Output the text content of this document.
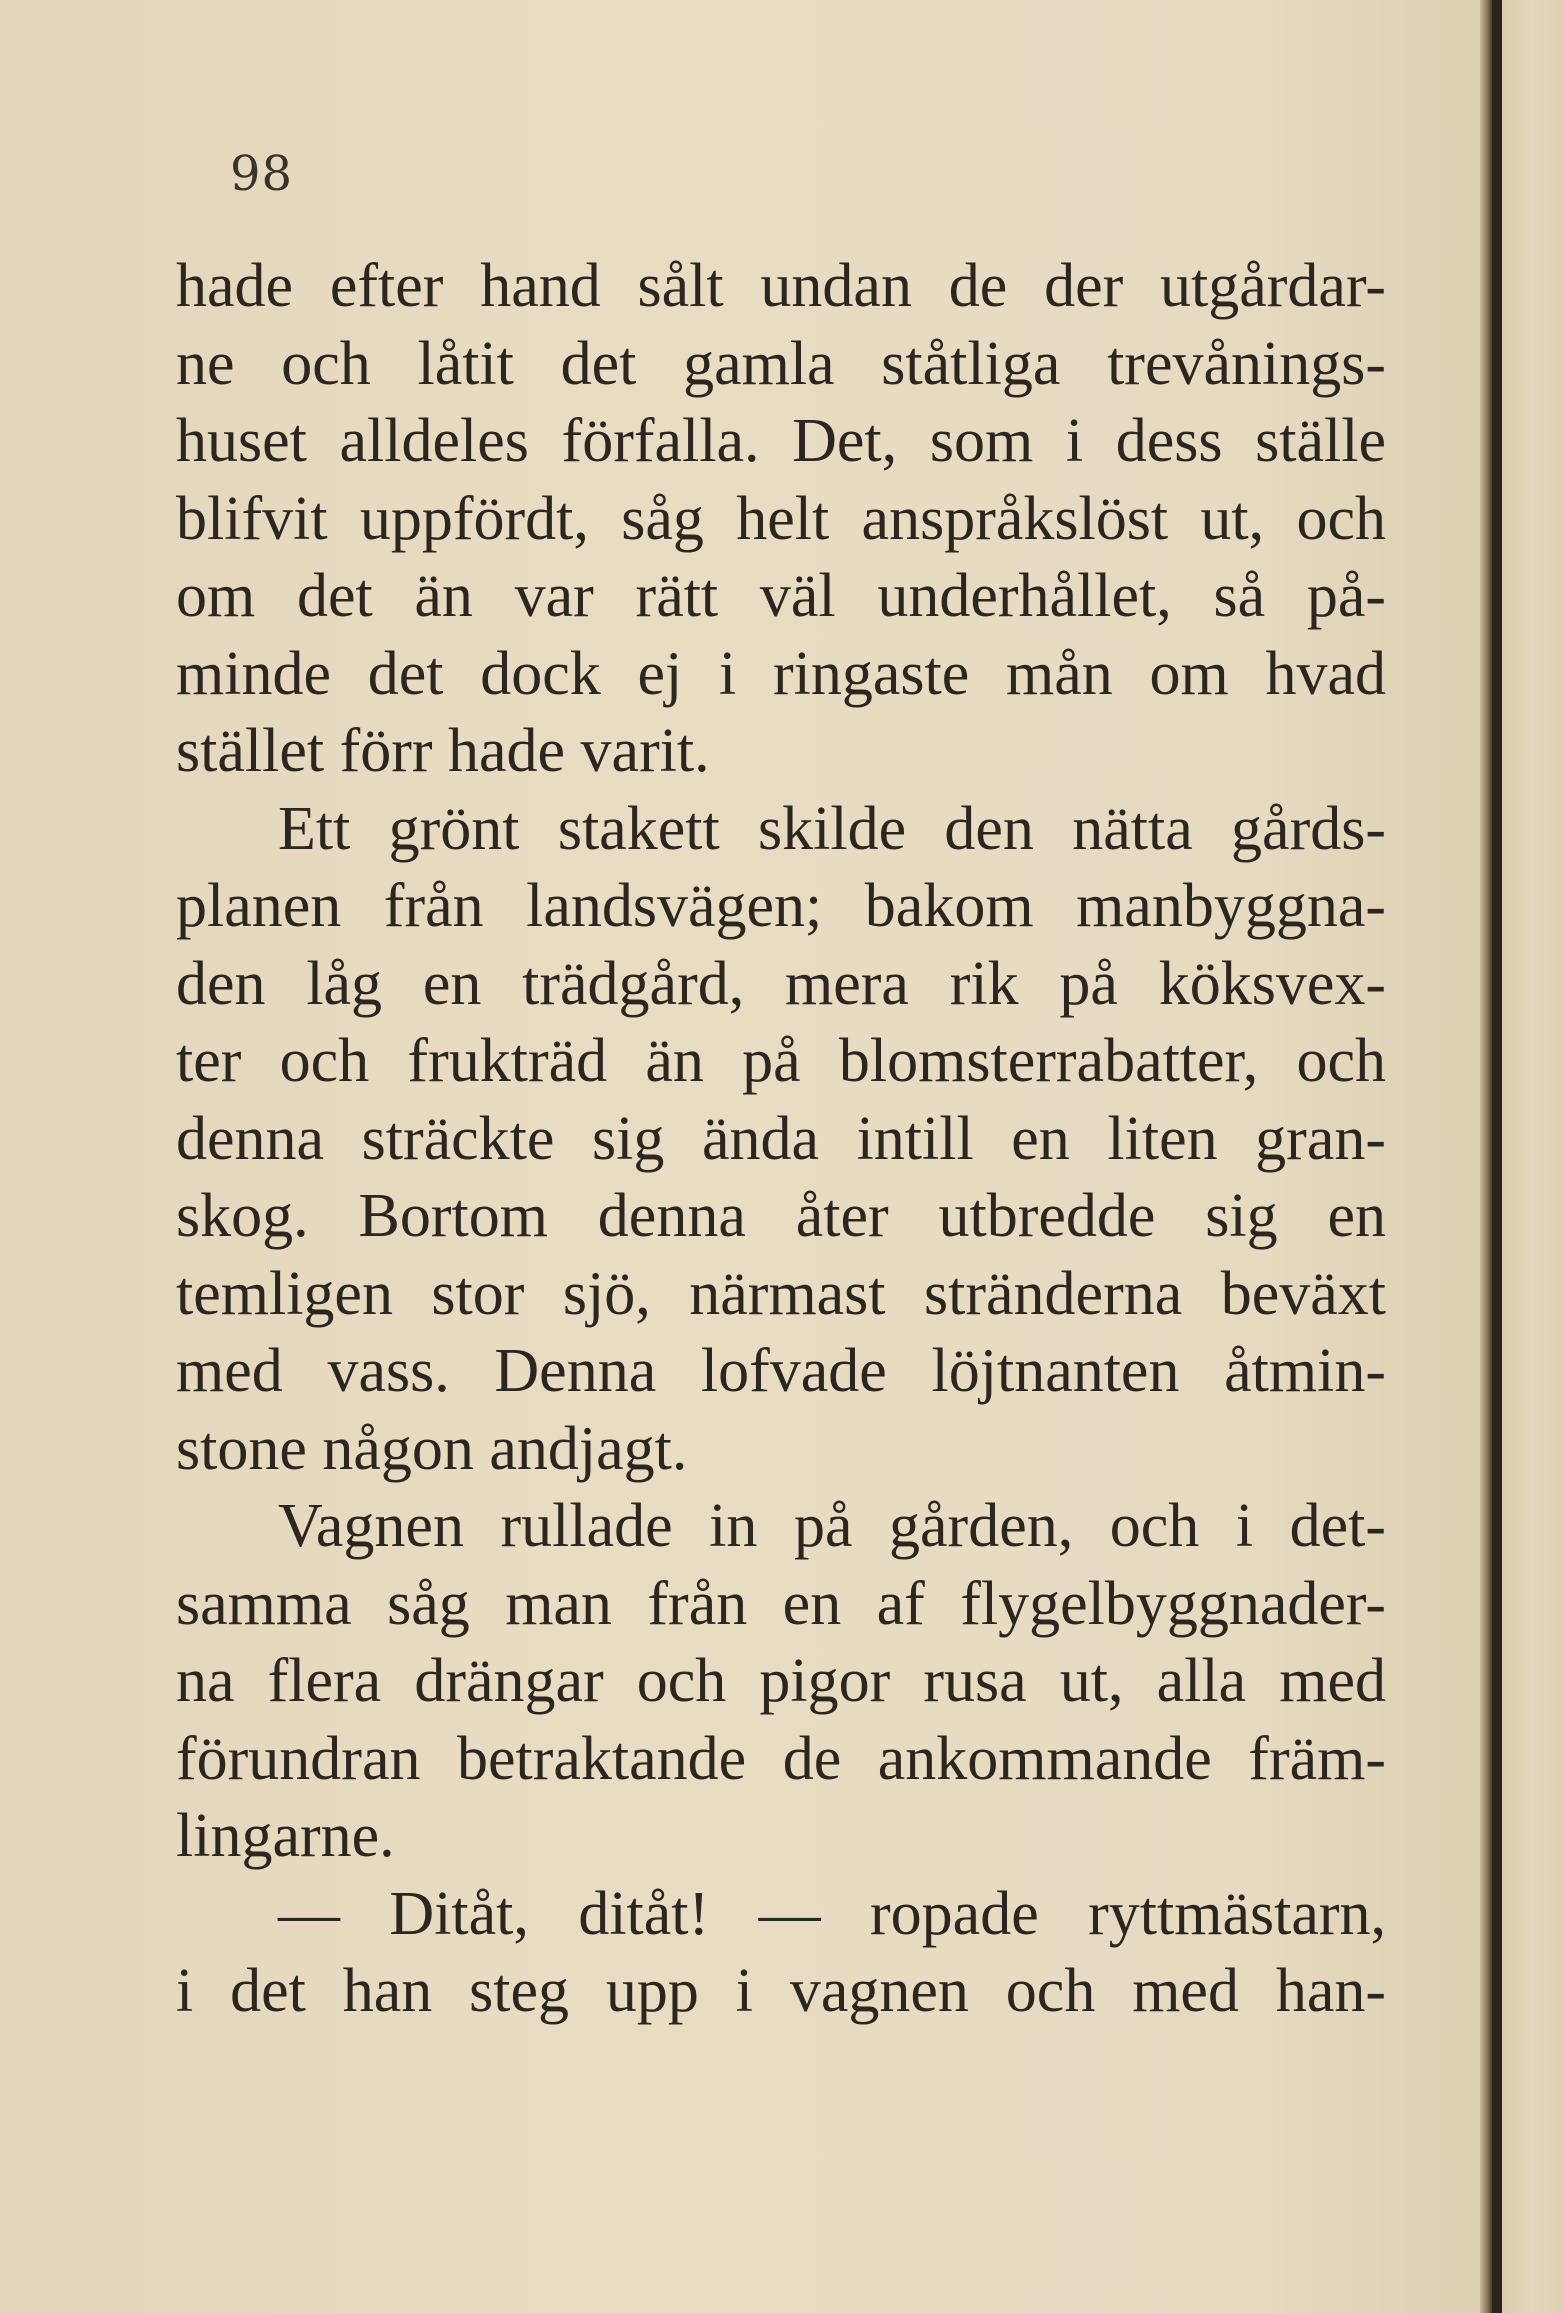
98
hade efter hand sålt undan de der utgårdar-
ne och låtit det gamla ståtliga trevånings-
huset alldeles förfalla. Det, som i dess ställe
blifvit uppfördt, såg helt anspråkslöst ut, och
om det än var rätt väl underhållet, så på-
minde det dock ej i ringaste mån om hvad
stället förr hade varit.
Ett grönt stakett skilde den nätta gårds-
planen från landsvägen; bakom manbyggna-
den låg en trädgård, mera rik på köksvex-
ter och frukträd än på blomsterrabatter, och
denna sträckte sig ända intill en liten gran-
skog. Bortom denna åter utbredde sig en
temligen stor sjö, närmast stränderna beväxt
med vass. Denna lofvade löjtnanten åtmin-
stone någon andjagt.
Vagnen rullade in på gården, och i det-
samma såg man från en af flygelbyggnader-
na flera drängar och pigor rusa ut, alla med
förundran betraktande de ankommande främ-
lingarne.
— Ditåt, ditåt! — ropade ryttmästarn,
i det han steg upp i vagnen och med han-
